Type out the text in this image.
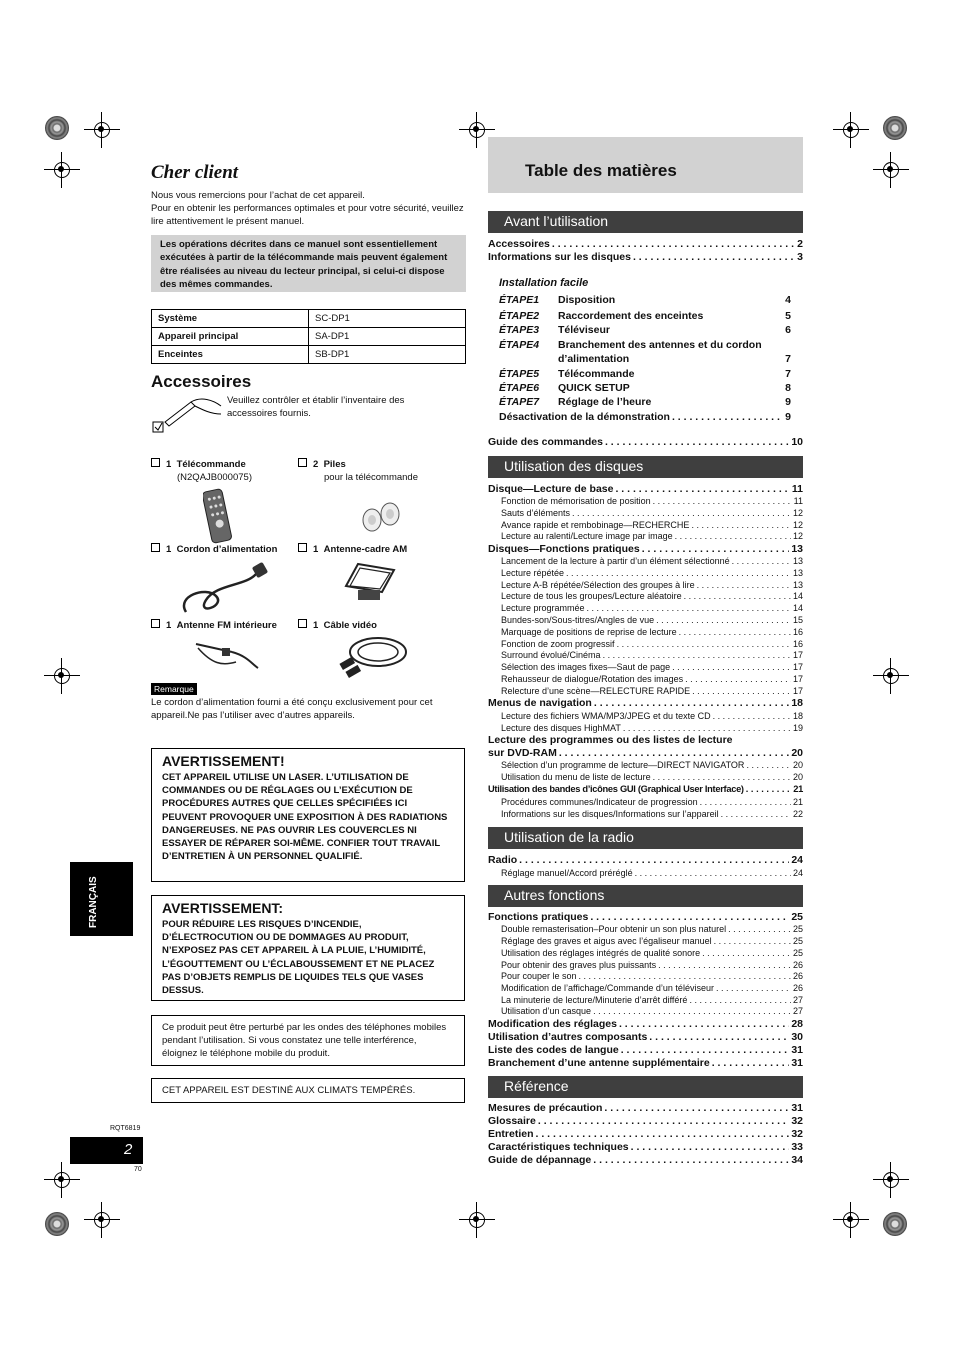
Cher client
Nous vous remercions pour l’achat de cet appareil.
Pour en obtenir les performances optimales et pour votre sécurité, veuillez lire attentivement le présent manuel.
Les opérations décrites dans ce manuel sont essentiellement exécutées à partir de la télécommande mais peuvent également être réalisées au niveau du lecteur principal, si celui-ci dispose des mêmes commandes.
Système	SC-DP1
Appareil principal	SA-DP1
Enceintes	SB-DP1
Accessoires
Veuillez contrôler et établir l’inventaire des accessoires fournis.
1 Télécommande
(N2QAJB000075)
2 Piles
pour la télécommande
1 Cordon d’alimentation	1 Antenne-cadre AM
1 Antenne FM intérieure	1 Câble vidéo
Remarque
Le cordon d’alimentation fourni a été conçu exclusivement pour cet appareil.Ne pas l’utiliser avec d’autres appareils.
AVERTISSEMENT!

CET APPAREIL UTILISE UN LASER. L’UTILISATION DE COMMANDES OU DE RÉGLAGES OU L’EXÉCUTION DE PROCÉDURES AUTRES QUE CELLES SPÉCIFIÉES ICI PEUVENT PROVOQUER UNE EXPOSITION À DES RADIATIONS DANGEREUSES. NE PAS OUVRIR LES COUVERCLES NI ESSAYER DE RÉPARER SOI-MÊME. CONFIER TOUT TRAVAIL D’ENTRETIEN À UN PERSONNEL QUALIFIÉ.

AVERTISSEMENT:

POUR RÉDUIRE LES RISQUES D’INCENDIE, D’ÉLECTROCUTION OU DE DOMMAGES AU PRODUIT, N’EXPOSEZ PAS CET APPAREIL À LA PLUIE, L’HUMIDITÉ, L’ÉGOUTTEMENT OU L’ÉCLABOUSSEMENT ET NE PLACEZ PAS D’OBJETS REMPLIS DE LIQUIDES TELS QUE VASES DESSUS.

Ce produit peut être perturbé par les ondes des téléphones mobiles pendant l’utilisation. Si vous constatez une telle interférence, éloignez le téléphone mobile du produit.
CET APPAREIL EST DESTINÉ AUX CLIMATS TEMPÉRÉS.
FRANÇAIS
RQT6819
2
70
Table des matières
Avant l’utilisation
Accessoires . . .	2
Informations sur les disques . . .	3
Installation facile
ÉTAPE1 Disposition	4
ÉTAPE2 Raccordement des enceintes	5
ÉTAPE3 Téléviseur	6
ÉTAPE4 Branchement des antennes et du cordon
d’alimentation	7
ÉTAPE5 Télécommande	7
ÉTAPE6 QUICK SETUP	8
ÉTAPE7 Réglage de l’heure	9
Désactivation de la démonstration . . .	9
Guide des commandes . . .	10
Utilisation des disques
Disque—Lecture de base . . .	11
Fonction de mémorisation de position . . .	11
Sauts d’éléments . . .	12
Avance rapide et rembobinage—RECHERCHE . . .	12
Lecture au ralenti/Lecture image par image . . .	12
Disques—Fonctions pratiques . . .	13
Lancement de la lecture à partir d’un élément sélectionné . . .	13
Lecture répétée . . .	13
Lecture A-B répétée/Sélection des groupes à lire . . .	13
Lecture de tous les groupes/Lecture aléatoire . . .	14
Lecture programmée . . .	14
Bundes-son/Sous-titres/Angles de vue . . .	15
Marquage de positions de reprise de lecture . . .	16
Fonction de zoom progressif . . .	16
Surround évolué/Cinéma . . .	17
Sélection des images fixes—Saut de page . . .	17
Rehausseur de dialogue/Rotation des images . . .	17
Relecture d’une scène—RELECTURE RAPIDE . . .	17
Menus de navigation . . .	18
Lecture des fichiers WMA/MP3/JPEG et du texte CD . . .	18
Lecture des disques HighMAT . . .	19
Lecture des programmes ou des listes de lecture
sur DVD-RAM . . .	20
Sélection d’un programme de lecture—DIRECT NAVIGATOR . . .	20
Utilisation du menu de liste de lecture . . .	20
Utilisation des bandes d’icônes GUI (Graphical User Interface) . . .	21
Procédures communes/Indicateur de progression . . .	21
Informations sur les disques/Informations sur l’appareil . . .	22
Utilisation de la radio
Radio . . .	24
Réglage manuel/Accord préréglé . . .	24
Autres fonctions
Fonctions pratiques . . .	25
Double remasterisation–Pour obtenir un son plus naturel . . .	25
Réglage des graves et aigus avec l’égaliseur manuel . . .	25
Utilisation des réglages intégrés de qualité sonore . . .	25
Pour obtenir des graves plus puissants . . .	26
Pour couper le son . . .	26
Modification de l’affichage/Commande d’un téléviseur . . .	26
La minuterie de lecture/Minuterie d’arrêt différé . . .	27
Utilisation d’un casque . . .	27
Modification des réglages . . .	28
Utilisation d’autres composants . . .	30
Liste des codes de langue . . .	31
Branchement d’une antenne supplémentaire . . .	31
Référence
Mesures de précaution . . .	31
Glossaire . . .	32
Entretien . . .	32
Caractéristiques techniques . . .	33
Guide de dépannage . . .	34
